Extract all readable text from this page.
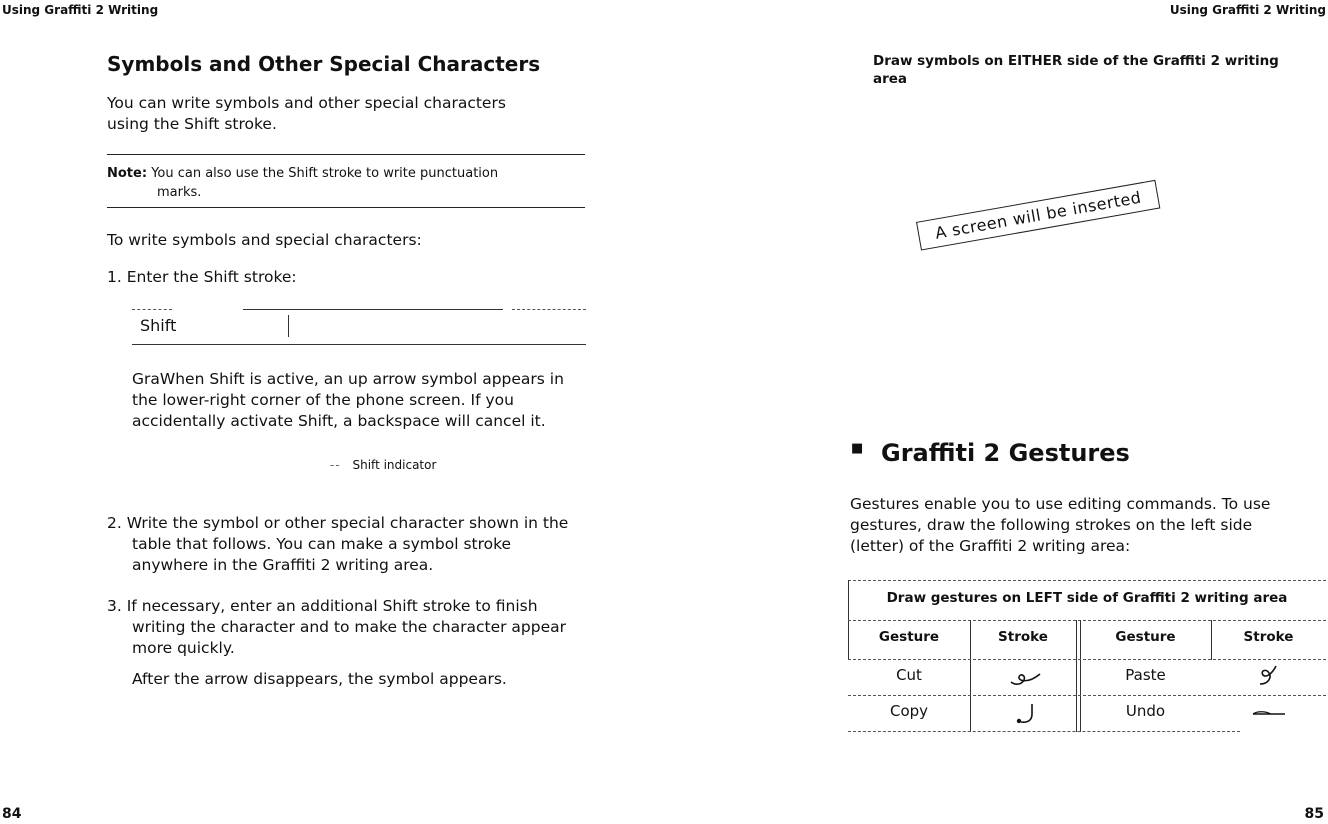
Using Graffiti 2 Writing
Symbols and Other Special Characters
You can write symbols and other special characters
using the Shift stroke.
Note: You can also use the Shift stroke to write punctuation
marks.
To write symbols and special characters:
1. Enter the Shift stroke:
Shift
GraWhen Shift is active, an up arrow symbol appears in
the lower-right corner of the phone screen. If you
accidentally activate Shift, a backspace will cancel it.
-- Shift indicator
2. Write the symbol or other special character shown in the
table that follows. You can make a symbol stroke
anywhere in the Graffiti 2 writing area.
3. If necessary, enter an additional Shift stroke to finish
writing the character and to make the character appear
more quickly.
After the arrow disappears, the symbol appears.
84
Using Graffiti 2 Writing
Draw symbols on EITHER side of the Graffiti 2 writing
area
A screen will be inserted
■ Graffiti 2 Gestures
Gestures enable you to use editing commands. To use
gestures, draw the following strokes on the left side
(letter) of the Graffiti 2 writing area:
Draw gestures on LEFT side of Graffiti 2 writing area
Gesture	Stroke	Gesture	Stroke
Cut	Paste
Copy	Undo
85
